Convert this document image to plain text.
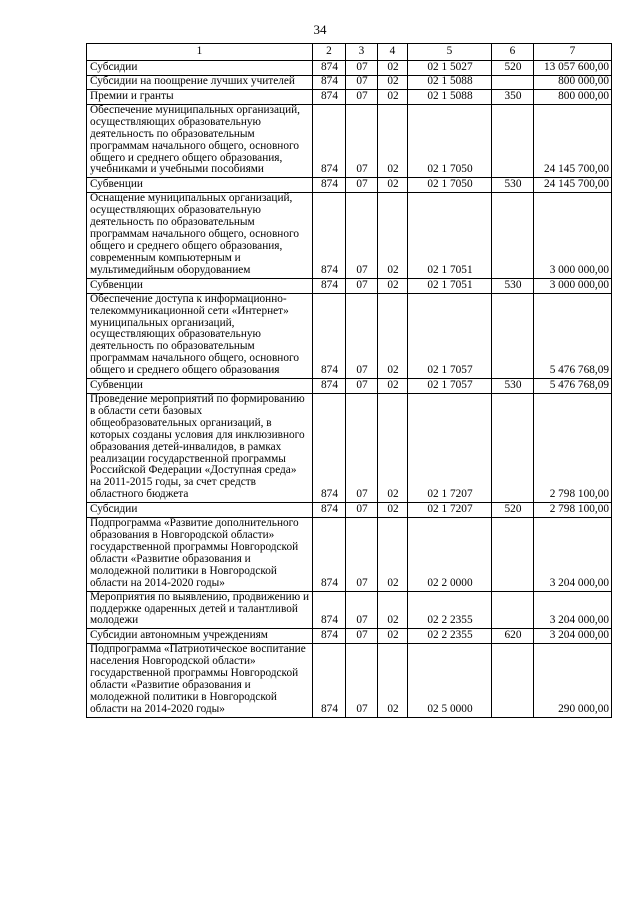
34
1	2	3	4	5	6	7
Субсидии	874	07	02	02 1 5027	520	13 057 600,00
Субсидии на поощрение лучших учителей	874	07	02	02 1 5088		800 000,00
Премии и гранты	874	07	02	02 1 5088	350	800 000,00
Обеспечение муниципальных организаций, осуществляющих образовательную деятельность по образовательным программам начального общего, основного общего и среднего общего образования, учебниками и учебными пособиями	874	07	02	02 1 7050		24 145 700,00
Субвенции	874	07	02	02 1 7050	530	24 145 700,00
Оснащение муниципальных организаций, осуществляющих образовательную деятельность по образовательным программам начального общего, основного общего и среднего общего образования, современным компьютерным и мультимедийным оборудованием	874	07	02	02 1 7051		3 000 000,00
Субвенции	874	07	02	02 1 7051	530	3 000 000,00
Обеспечение доступа к информационно-телекоммуникационной сети «Интернет» муниципальных организаций, осуществляющих образовательную деятельность по образовательным программам начального общего, основного общего и среднего общего образования	874	07	02	02 1 7057		5 476 768,09
Субвенции	874	07	02	02 1 7057	530	5 476 768,09
Проведение мероприятий по формированию в области сети базовых общеобразовательных организаций, в которых созданы условия для инклюзивного образования детей-инвалидов, в рамках реализации государственной программы Российской Федерации «Доступная среда» на 2011-2015 годы, за счет средств областного бюджета	874	07	02	02 1 7207		2 798 100,00
Субсидии	874	07	02	02 1 7207	520	2 798 100,00
Подпрограмма «Развитие дополнительного образования в Новгородской области» государственной программы Новгородской области «Развитие образования и молодежной политики в Новгородской области на 2014-2020 годы»	874	07	02	02 2 0000		3 204 000,00
Мероприятия по выявлению, продвижению и поддержке одаренных детей и талантливой молодежи	874	07	02	02 2 2355		3 204 000,00
Субсидии автономным учреждениям	874	07	02	02 2 2355	620	3 204 000,00
Подпрограмма «Патриотическое воспитание населения Новгородской области» государственной программы Новгородской области «Развитие образования и молодежной политики в Новгородской области на 2014-2020 годы»	874	07	02	02 5 0000		290 000,00
